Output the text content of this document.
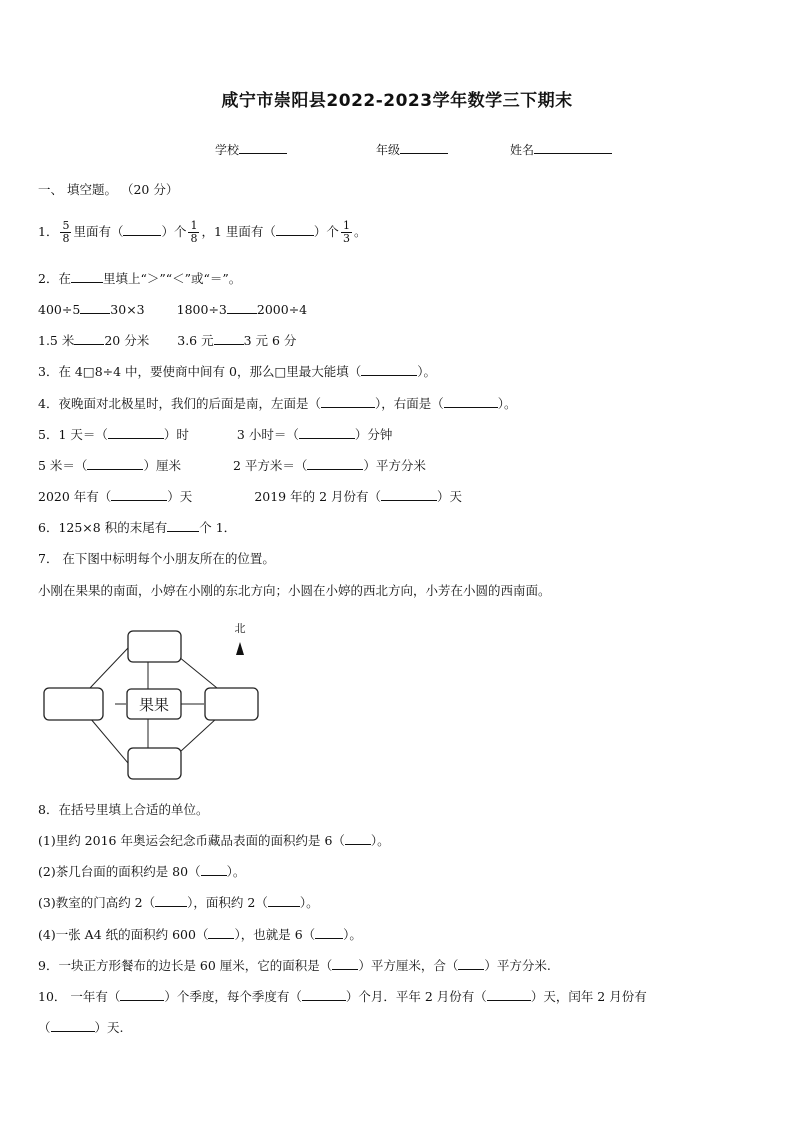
咸宁市崇阳县2022-2023学年数学三下期末
学校	年级	姓名
一、 填空题。 （20 分）
1． $\frac{5}{8}$ 里面有（	）个 $\frac{1}{8}$ ，1 里面有（	）个 $\frac{1}{3}$ 。
2．在	里填上“＞”“＜”或“＝”。
400÷5 30×3	1800÷3 2000÷4
1.5 米 20 分米 3.6 元 3 元 6 分
3．在 4□8÷4 中，要使商中间有 0，那么□里最大能填（	）。
4．夜晚面对北极星时，我们的后面是南，左面是（	），右面是（	）。
5．1 天＝（	）时	3 小时＝（	）分钟
5 米＝（	）厘米	2 平方米＝（	）平方分米
2020 年有（	）天	2019 年的 2 月份有（	）天
6．125×8 积的末尾有	个 1．
7． 在下图中标明每个小朋友所在的位置。
小刚在果果的南面，小婷在小刚的东北方向；小圆在小婷的西北方向，小芳在小圆的西南面。
果果
北
8．在括号里填上合适的单位。
(1)里约 2016 年奥运会纪念币藏品表面的面积约是 6（ ）。
(2)茶几台面的面积约是 80（ ）。
(3)教室的门高约 2（	），面积约 2（	）。
(4)一张 A4 纸的面积约 600（ ），也就是 6（ ）。
9．一块正方形餐布的边长是 60 厘米，它的面积是（ ）平方厘米，合（ ）平方分米.
10． 一年有（	）个季度，每个季度有（	）个月．平年 2 月份有（	）天，闰年 2 月份有
（	）天.
